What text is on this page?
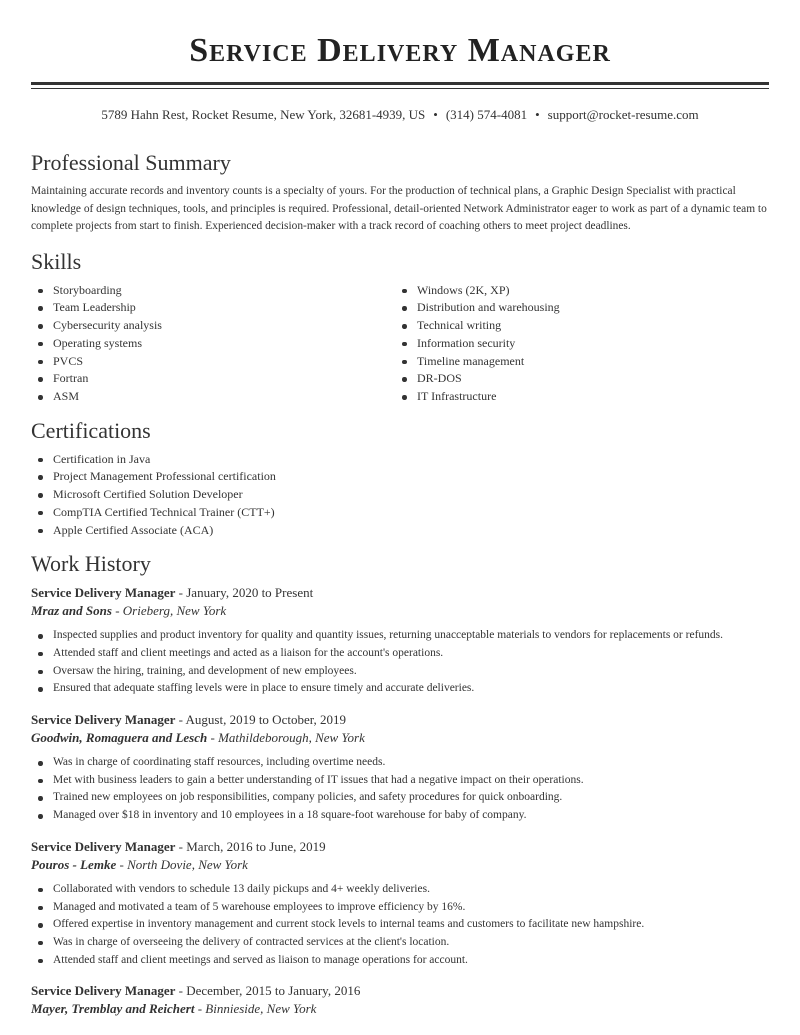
Service Delivery Manager
5789 Hahn Rest, Rocket Resume, New York, 32681-4939, US • (314) 574-4081 • support@rocket-resume.com
Professional Summary
Maintaining accurate records and inventory counts is a specialty of yours. For the production of technical plans, a Graphic Design Specialist with practical knowledge of design techniques, tools, and principles is required. Professional, detail-oriented Network Administrator eager to work as part of a dynamic team to complete projects from start to finish. Experienced decision-maker with a track record of coaching others to meet project deadlines.
Skills
Storyboarding
Team Leadership
Cybersecurity analysis
Operating systems
PVCS
Fortran
ASM
Windows (2K, XP)
Distribution and warehousing
Technical writing
Information security
Timeline management
DR-DOS
IT Infrastructure
Certifications
Certification in Java
Project Management Professional certification
Microsoft Certified Solution Developer
CompTIA Certified Technical Trainer (CTT+)
Apple Certified Associate (ACA)
Work History
Service Delivery Manager - January, 2020 to Present
Mraz and Sons - Orieberg, New York
Inspected supplies and product inventory for quality and quantity issues, returning unacceptable materials to vendors for replacements or refunds.
Attended staff and client meetings and acted as a liaison for the account's operations.
Oversaw the hiring, training, and development of new employees.
Ensured that adequate staffing levels were in place to ensure timely and accurate deliveries.
Service Delivery Manager - August, 2019 to October, 2019
Goodwin, Romaguera and Lesch - Mathildeborough, New York
Was in charge of coordinating staff resources, including overtime needs.
Met with business leaders to gain a better understanding of IT issues that had a negative impact on their operations.
Trained new employees on job responsibilities, company policies, and safety procedures for quick onboarding.
Managed over $18 in inventory and 10 employees in a 18 square-foot warehouse for baby of company.
Service Delivery Manager - March, 2016 to June, 2019
Pouros - Lemke - North Dovie, New York
Collaborated with vendors to schedule 13 daily pickups and 4+ weekly deliveries.
Managed and motivated a team of 5 warehouse employees to improve efficiency by 16%.
Offered expertise in inventory management and current stock levels to internal teams and customers to facilitate new hampshire.
Was in charge of overseeing the delivery of contracted services at the client's location.
Attended staff and client meetings and served as liaison to manage operations for account.
Service Delivery Manager - December, 2015 to January, 2016
Mayer, Tremblay and Reichert - Binnieside, New York
